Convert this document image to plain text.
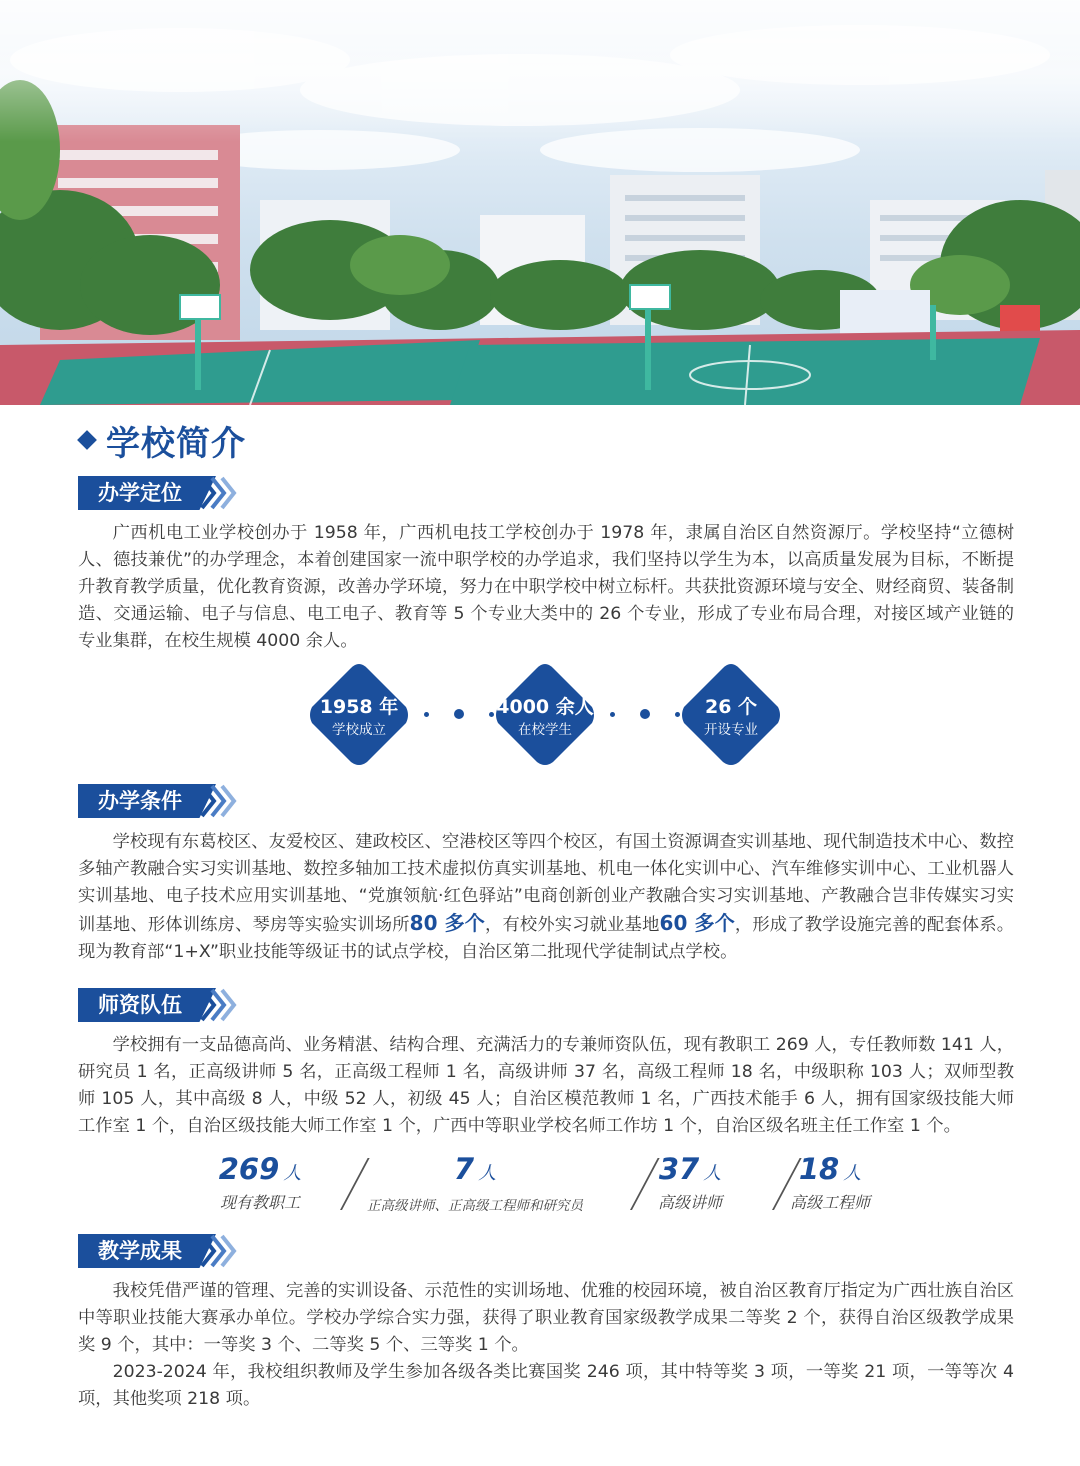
学校简介
办学定位

广西机电工业学校创办于 1958 年，广西机电技工学校创办于 1978 年，隶属自治区自然资源厅。学校坚持“立德树人、德技兼优”的办学理念，本着创建国家一流中职学校的办学追求，我们坚持以学生为本，以高质量发展为目标，不断提升教育教学质量，优化教育资源，改善办学环境，努力在中职学校中树立标杆。共获批资源环境与安全、财经商贸、装备制造、交通运输、电子与信息、电工电子、教育等 5 个专业大类中的 26 个专业，形成了专业布局合理，对接区域产业链的专业集群，在校生规模 4000 余人。

1958 年
学校成立
4000 余人
在校学生
26 个
开设专业
办学条件

学校现有东葛校区、友爱校区、建政校区、空港校区等四个校区，有国土资源调查实训基地、现代制造技术中心、数控多轴产教融合实习实训基地、数控多轴加工技术虚拟仿真实训基地、机电一体化实训中心、汽车维修实训中心、工业机器人实训基地、电子技术应用实训基地、“党旗领航·红色驿站”电商创新创业产教融合实习实训基地、产教融合岂非传媒实习实训基地、形体训练房、琴房等实验实训场所80 多个，有校外实习就业基地60 多个，形成了教学设施完善的配套体系。现为教育部“1+X”职业技能等级证书的试点学校，自治区第二批现代学徒制试点学校。

师资队伍

学校拥有一支品德高尚、业务精湛、结构合理、充满活力的专兼师资队伍，现有教职工 269 人，专任教师数 141 人，研究员 1 名，正高级讲师 5 名，正高级工程师 1 名，高级讲师 37 名，高级工程师 18 名，中级职称 103 人；双师型教师 105 人，其中高级 8 人，中级 52 人，初级 45 人；自治区模范教师 1 名，广西技术能手 6 人，拥有国家级技能大师工作室 1 个，自治区级技能大师工作室 1 个，广西中等职业学校名师工作坊 1 个，自治区级名班主任工作室 1 个。

269 人
现有教职工
7 人
正高级讲师、正高级工程师和研究员
37 人
高级讲师
18 人
高级工程师
教学成果

我校凭借严谨的管理、完善的实训设备、示范性的实训场地、优雅的校园环境，被自治区教育厅指定为广西壮族自治区中等职业技能大赛承办单位。学校办学综合实力强，获得了职业教育国家级教学成果二等奖 2 个，获得自治区级教学成果奖 9 个，其中：一等奖 3 个、二等奖 5 个、三等奖 1 个。

2023-2024 年，我校组织教师及学生参加各级各类比赛国奖 246 项，其中特等奖 3 项，一等奖 21 项，一等等次 4 项，其他奖项 218 项。
